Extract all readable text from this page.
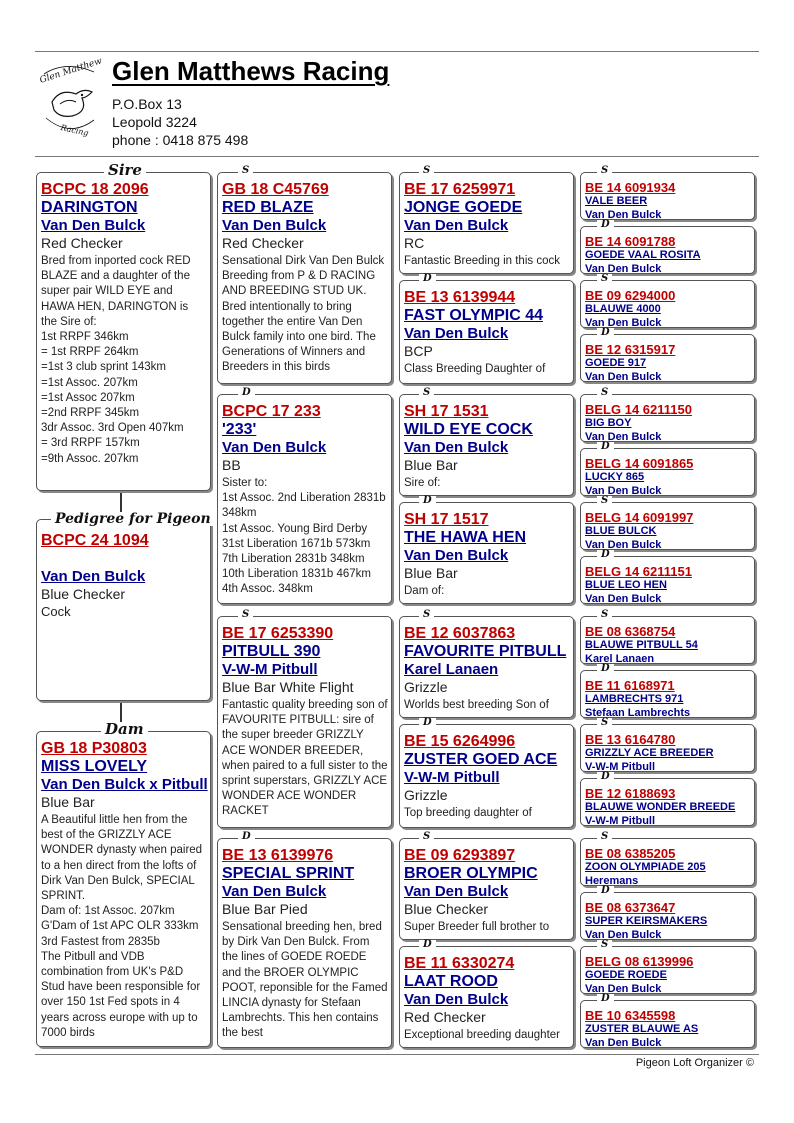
Glen Matthews
Racing
Glen Matthews Racing
P.O.Box 13
Leopold 3224
phone : 0418 875 498
BCPC 18 2096
DARINGTON
Van Den Bulck
Red Checker
Bred from inported cock RED BLAZE and a daughter of the super pair WILD EYE and HAWA HEN, DARINGTON is the Sire of:
1st RRPF 346km
= 1st RRPF 264km
=1st 3 club sprint 143km
=1st Assoc. 207km
=1st Assoc 207km
=2nd RRPF 345km
3dr Assoc. 3rd Open 407km
= 3rd RRPF 157km
=9th Assoc. 207km
Sire
BCPC 24 1094
Van Den Bulck
Blue Checker
Cock
Pedigree for Pigeon
GB 18 P30803
MISS LOVELY
Van Den Bulck x Pitbull
Blue Bar
A Beautiful little hen from the best of the GRIZZLY ACE WONDER dynasty when paired to a hen direct from the lofts of  Dirk Van Den Bulck, SPECIAL SPRINT.
Dam of: 1st Assoc. 207km
G'Dam of 1st APC OLR 333km
3rd Fastest from 2835b
The Pitbull and VDB combination from UK's P&D Stud have been responsible for over 150 1st Fed spots in 4 years across europe with up to 7000 birds
Dam
GB 18 C45769
RED BLAZE
Van Den Bulck
Red Checker
Sensational Dirk Van Den Bulck Breeding from P & D RACING AND BREEDING STUD UK. Bred intentionally to bring together the entire Van Den Bulck family into one bird. The Generations of Winners and Breeders in this birds
S
BCPC 17 233
'233'
Van Den Bulck
BB
Sister to:
1st Assoc. 2nd Liberation 2831b 348km
1st Assoc. Young Bird Derby 31st Liberation 1671b 573km
7th Liberation 2831b 348km
10th Liberation 1831b 467km
4th Assoc. 348km
D
BE 17 6253390
PITBULL 390
V-W-M Pitbull
Blue Bar White Flight
Fantastic quality breeding son of FAVOURITE PITBULL: sire of the super breeder GRIZZLY ACE WONDER BREEDER, when paired to a full sister to the sprint superstars, GRIZZLY ACE WONDER ACE WONDER RACKET
S
BE 13 6139976
SPECIAL SPRINT
Van Den Bulck
Blue Bar Pied
Sensational breeding hen, bred by Dirk Van Den Bulck. From the lines of GOEDE ROEDE and the BROER OLYMPIC POOT, reponsible for the Famed LINCIA dynasty for Stefaan Lambrechts. This hen contains the best
D
BE 17 6259971
JONGE GOEDE
Van Den Bulck
RC
Fantastic Breeding in this cock
S
BE 13 6139944
FAST OLYMPIC 44
Van Den Bulck
BCP
Class Breeding Daughter of
D
SH 17 1531
WILD EYE COCK
Van Den Bulck
Blue Bar
Sire of:
S
SH 17 1517
THE HAWA HEN
Van Den Bulck
Blue Bar
Dam of:
D
BE 12 6037863
FAVOURITE PITBULL
Karel Lanaen
Grizzle
Worlds best breeding Son of
S
BE 15 6264996
ZUSTER GOED ACE
V-W-M Pitbull
Grizzle
Top breeding daughter of
D
BE 09 6293897
BROER OLYMPIC
Van Den Bulck
Blue Checker
Super Breeder full brother to
S
BE 11 6330274
LAAT ROOD
Van Den Bulck
Red Checker
Exceptional breeding daughter
D
BE 14 6091934
VALE BEER
Van Den Bulck
S
BE 14 6091788
GOEDE VAAL ROSITA
Van Den Bulck
D
BE 09 6294000
BLAUWE 4000
Van Den Bulck
S
BE 12 6315917
GOEDE 917
Van Den Bulck
D
BELG 14 6211150
BIG BOY
Van Den Bulck
S
BELG 14 6091865
LUCKY 865
Van Den Bulck
D
BELG 14 6091997
BLUE BULCK
Van Den Bulck
S
BELG 14 6211151
BLUE LEO HEN
Van Den Bulck
D
BE 08 6368754
BLAUWE PITBULL 54
Karel Lanaen
S
BE 11 6168971
LAMBRECHTS 971
Stefaan Lambrechts
D
BE 13 6164780
GRIZZLY ACE BREEDER
V-W-M Pitbull
S
BE 12 6188693
BLAUWE WONDER BREEDE
V-W-M Pitbull
D
BE 08 6385205
ZOON OLYMPIADE 205
Heremans
S
BE 08 6373647
SUPER KEIRSMAKERS
Van Den Bulck
D
BELG 08 6139996
GOEDE ROEDE
Van Den Bulck
S
BE 10 6345598
ZUSTER BLAUWE AS
Van Den Bulck
D
Pigeon Loft Organizer ©
